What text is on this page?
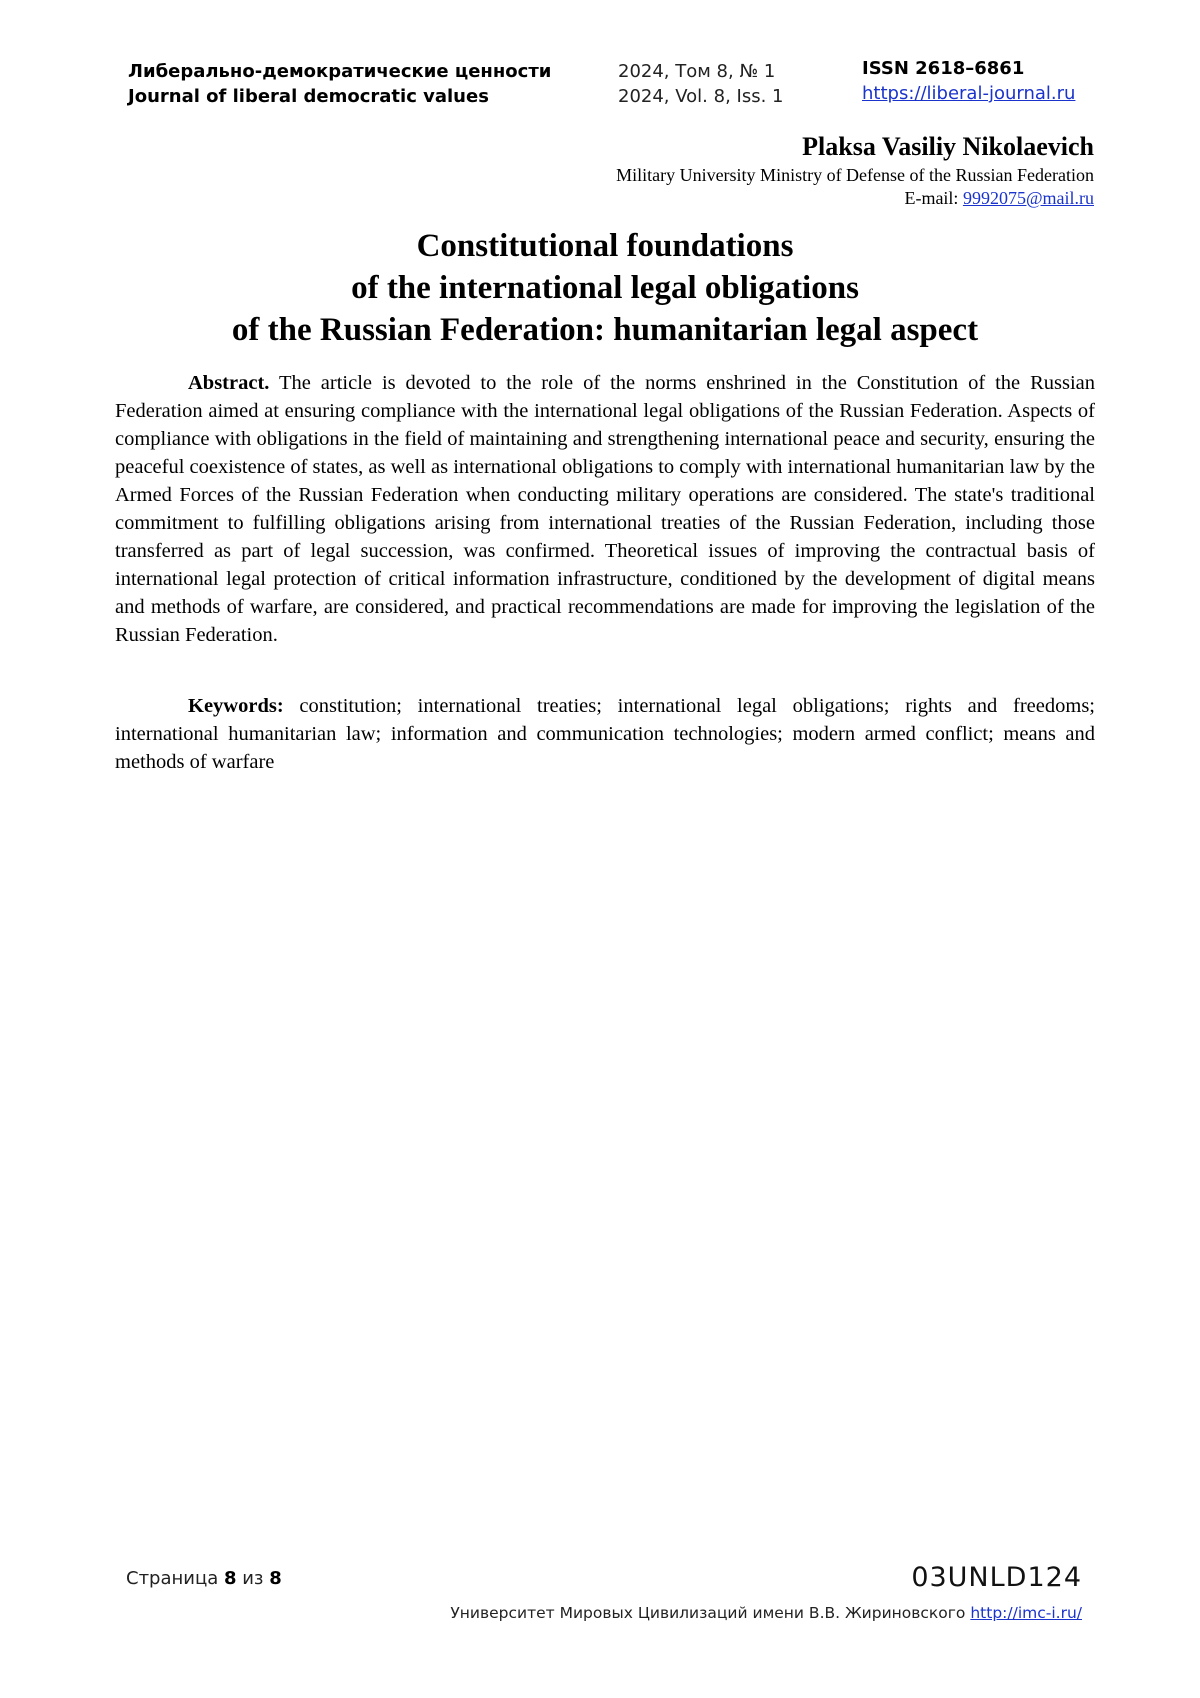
Либерально-демократические ценности
Journal of liberal democratic values
2024, Том 8, № 1
2024, Vol. 8, Iss. 1
ISSN 2618–6861
https://liberal-journal.ru
Plaksa Vasiliy Nikolaevich
Military University Ministry of Defense of the Russian Federation
E-mail: 9992075@mail.ru
Constitutional foundations
of the international legal obligations
of the Russian Federation: humanitarian legal aspect

Abstract. The article is devoted to the role of the norms enshrined in the Constitution of the Russian Federation aimed at ensuring compliance with the international legal obligations of the Russian Federation. Aspects of compliance with obligations in the field of maintaining and strengthening international peace and security, ensuring the peaceful coexistence of states, as well as international obligations to comply with international humanitarian law by the Armed Forces of the Russian Federation when conducting military operations are considered. The state's traditional commitment to fulfilling obligations arising from international treaties of the Russian Federation, including those transferred as part of legal succession, was confirmed. Theoretical issues of improving the contractual basis of international legal protection of critical information infrastructure, conditioned by the development of digital means and methods of warfare, are considered, and practical recommendations are made for improving the legislation of the Russian Federation.

Keywords: constitution; international treaties; international legal obligations; rights and freedoms; international humanitarian law; information and communication technologies; modern armed conflict; means and methods of warfare

Страница 8 из 8	03UNLD124
Университет Мировых Цивилизаций имени В.В. Жириновского http://imc-i.ru/
